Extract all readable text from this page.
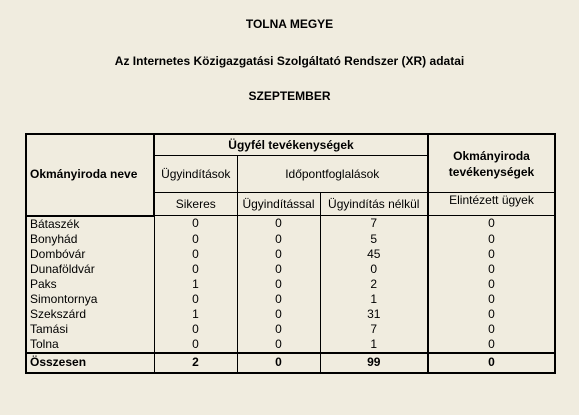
TOLNA MEGYE
Az Internetes Közigazgatási Szolgáltató Rendszer (XR) adatai
SZEPTEMBER
Okmányiroda neve	Ügyfél tevékenységek			Okmányiroda tevékenységek
	Ügyindítások	Időpontfoglalások		
	Sikeres	Ügyindítással	Ügyindítás nélkül	Elintézett ügyek
Bátaszék	0	0	7	0
Bonyhád	0	0	5	0
Dombóvár	0	0	45	0
Dunaföldvár	0	0	0	0
Paks	1	0	2	0
Simontornya	0	0	1	0
Szekszárd	1	0	31	0
Tamási	0	0	7	0
Tolna	0	0	1	0
Összesen	2	0	99	0
